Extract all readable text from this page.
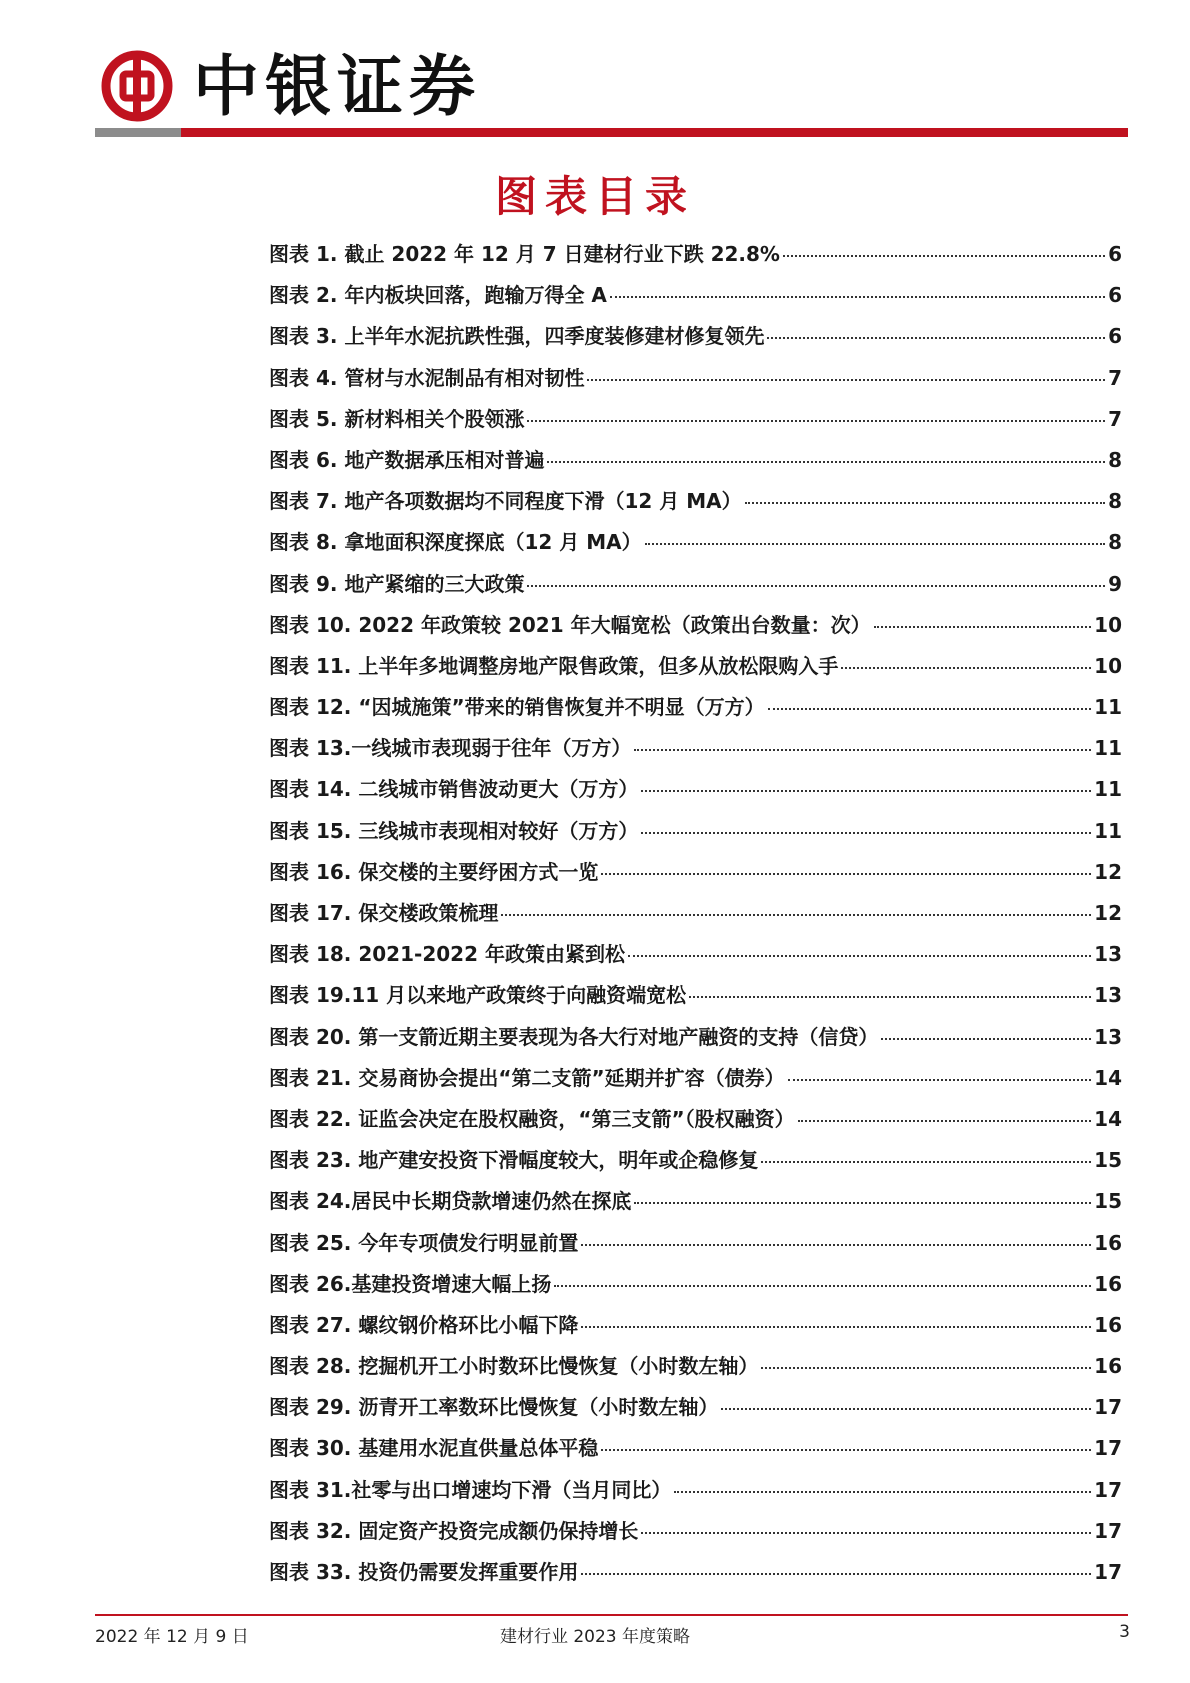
中银证券
图表目录
图表 1. 截止 2022 年 12 月 7 日建材行业下跌 22.8%	6
图表 2. 年内板块回落，跑输万得全 A	6
图表 3. 上半年水泥抗跌性强，四季度装修建材修复领先	6
图表 4. 管材与水泥制品有相对韧性	7
图表 5. 新材料相关个股领涨	7
图表 6. 地产数据承压相对普遍	8
图表 7. 地产各项数据均不同程度下滑（12 月 MA）	8
图表 8. 拿地面积深度探底（12 月 MA）	8
图表 9. 地产紧缩的三大政策	9
图表 10. 2022 年政策较 2021 年大幅宽松（政策出台数量：次）	10
图表 11. 上半年多地调整房地产限售政策，但多从放松限购入手	10
图表 12. “因城施策”带来的销售恢复并不明显（万方）	11
图表 13.一线城市表现弱于往年（万方）	11
图表 14. 二线城市销售波动更大（万方）	11
图表 15. 三线城市表现相对较好（万方）	11
图表 16. 保交楼的主要纾困方式一览	12
图表 17. 保交楼政策梳理	12
图表 18. 2021-2022 年政策由紧到松	13
图表 19.11 月以来地产政策终于向融资端宽松	13
图表 20. 第一支箭近期主要表现为各大行对地产融资的支持（信贷）	13
图表 21. 交易商协会提出“第二支箭”延期并扩容（债券）	14
图表 22. 证监会决定在股权融资，“第三支箭”（股权融资）	14
图表 23. 地产建安投资下滑幅度较大，明年或企稳修复	15
图表 24.居民中长期贷款增速仍然在探底	15
图表 25. 今年专项债发行明显前置	16
图表 26.基建投资增速大幅上扬	16
图表 27. 螺纹钢价格环比小幅下降	16
图表 28. 挖掘机开工小时数环比慢恢复（小时数左轴）	16
图表 29. 沥青开工率数环比慢恢复（小时数左轴）	17
图表 30. 基建用水泥直供量总体平稳	17
图表 31.社零与出口增速均下滑（当月同比）	17
图表 32. 固定资产投资完成额仍保持增长	17
图表 33. 投资仍需要发挥重要作用	17
2022 年 12 月 9 日	建材行业 2023 年度策略	3
